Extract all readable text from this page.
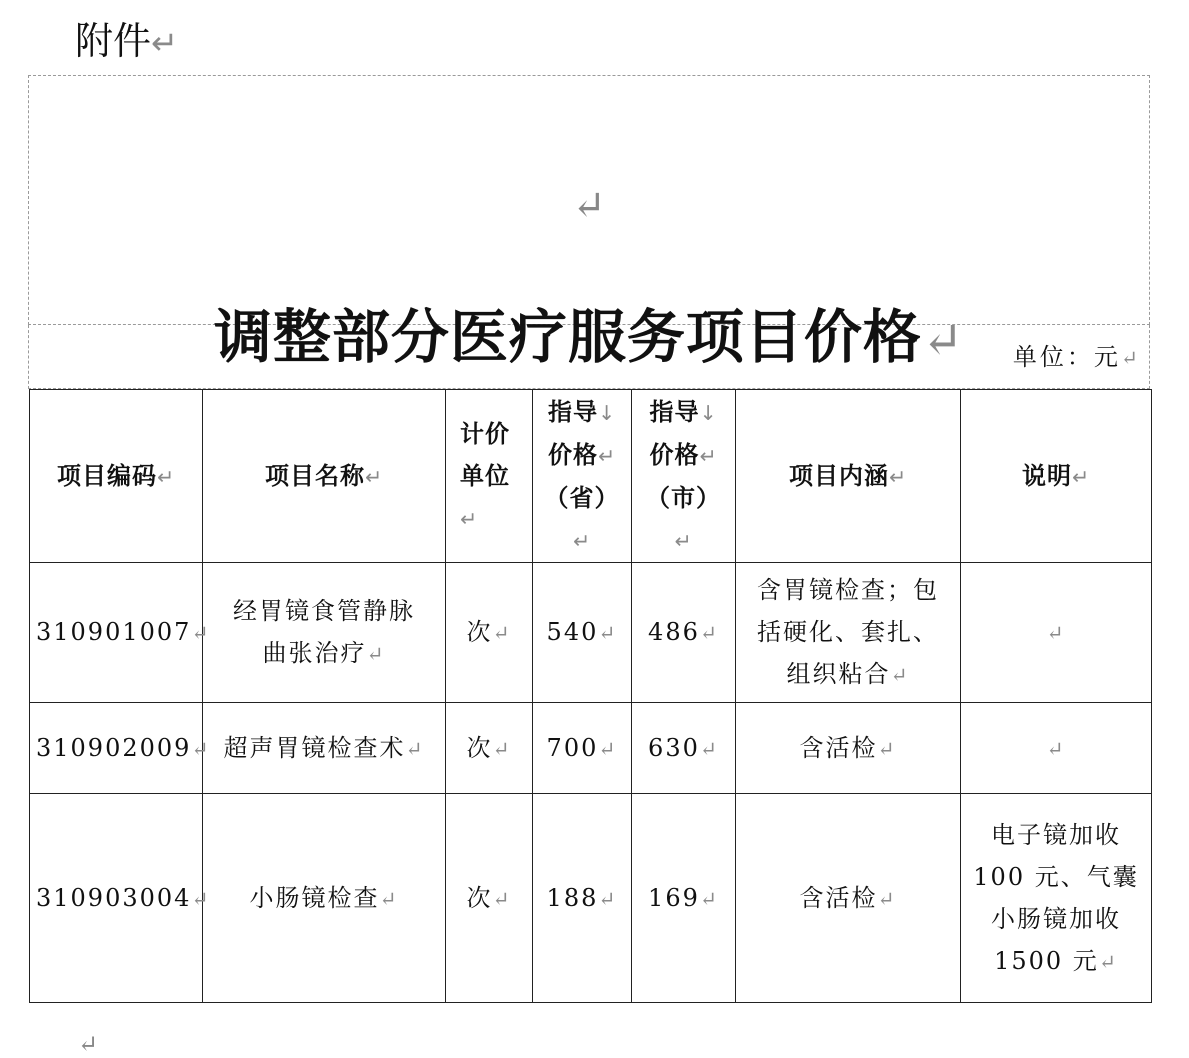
附件↵
↵
调整部分医疗服务项目价格↵	单位：元↵
项目编码↵	项目名称↵	计价
单位↵	指导↓
价格↵
（省）↵	指导↓
价格↵
（市）↵	项目内涵↵	说明↵
310901007↵	经胃镜食管静脉
曲张治疗↵	次↵	540↵	486↵	含胃镜检查；包
括硬化、套扎、
组织粘合↵	↵
310902009↵	超声胃镜检查术↵	次↵	700↵	630↵	含活检↵	↵
310903004↵	小肠镜检查↵	次↵	188↵	169↵	含活检↵	电子镜加收
100 元、气囊
小肠镜加收
1500 元↵
↵
